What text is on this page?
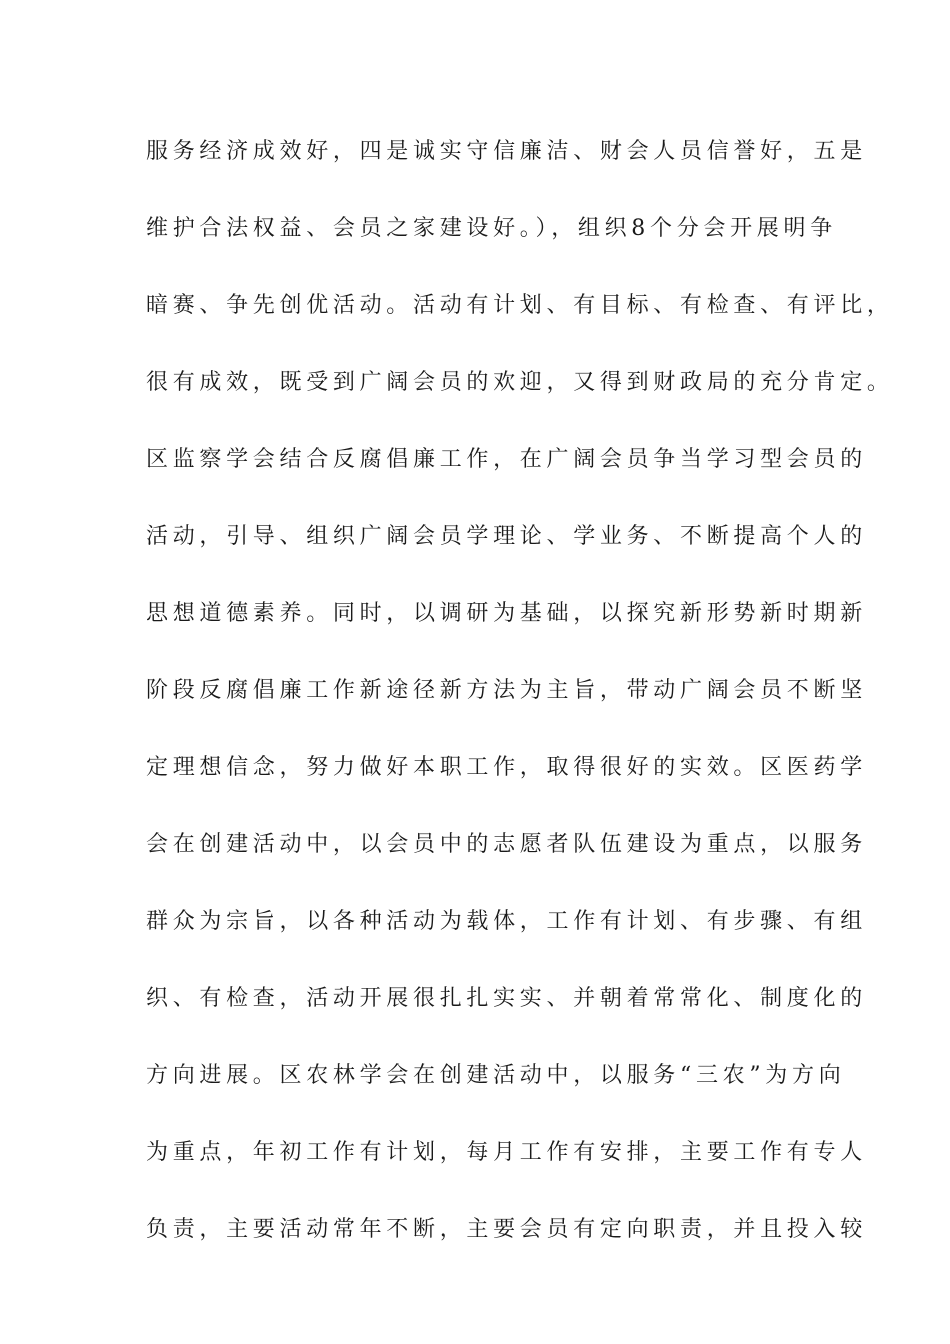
服务经济成效好，四是诚实守信廉洁、财会人员信誉好，五是
维护合法权益、会员之家建设好。），组织8个分会开展明争
暗赛、争先创优活动。活动有计划、有目标、有检查、有评比，
很有成效，既受到广阔会员的欢迎，又得到财政局的充分肯定。
区监察学会结合反腐倡廉工作，在广阔会员争当学习型会员的
活动，引导、组织广阔会员学理论、学业务、不断提高个人的
思想道德素养。同时，以调研为基础，以探究新形势新时期新
阶段反腐倡廉工作新途径新方法为主旨，带动广阔会员不断坚
定理想信念，努力做好本职工作，取得很好的实效。区医药学
会在创建活动中，以会员中的志愿者队伍建设为重点，以服务
群众为宗旨，以各种活动为载体，工作有计划、有步骤、有组
织、有检查，活动开展很扎扎实实、并朝着常常化、制度化的
方向进展。区农林学会在创建活动中，以服务“三农”为方向
为重点，年初工作有计划，每月工作有安排，主要工作有专人
负责，主要活动常年不断，主要会员有定向职责，并且投入较
